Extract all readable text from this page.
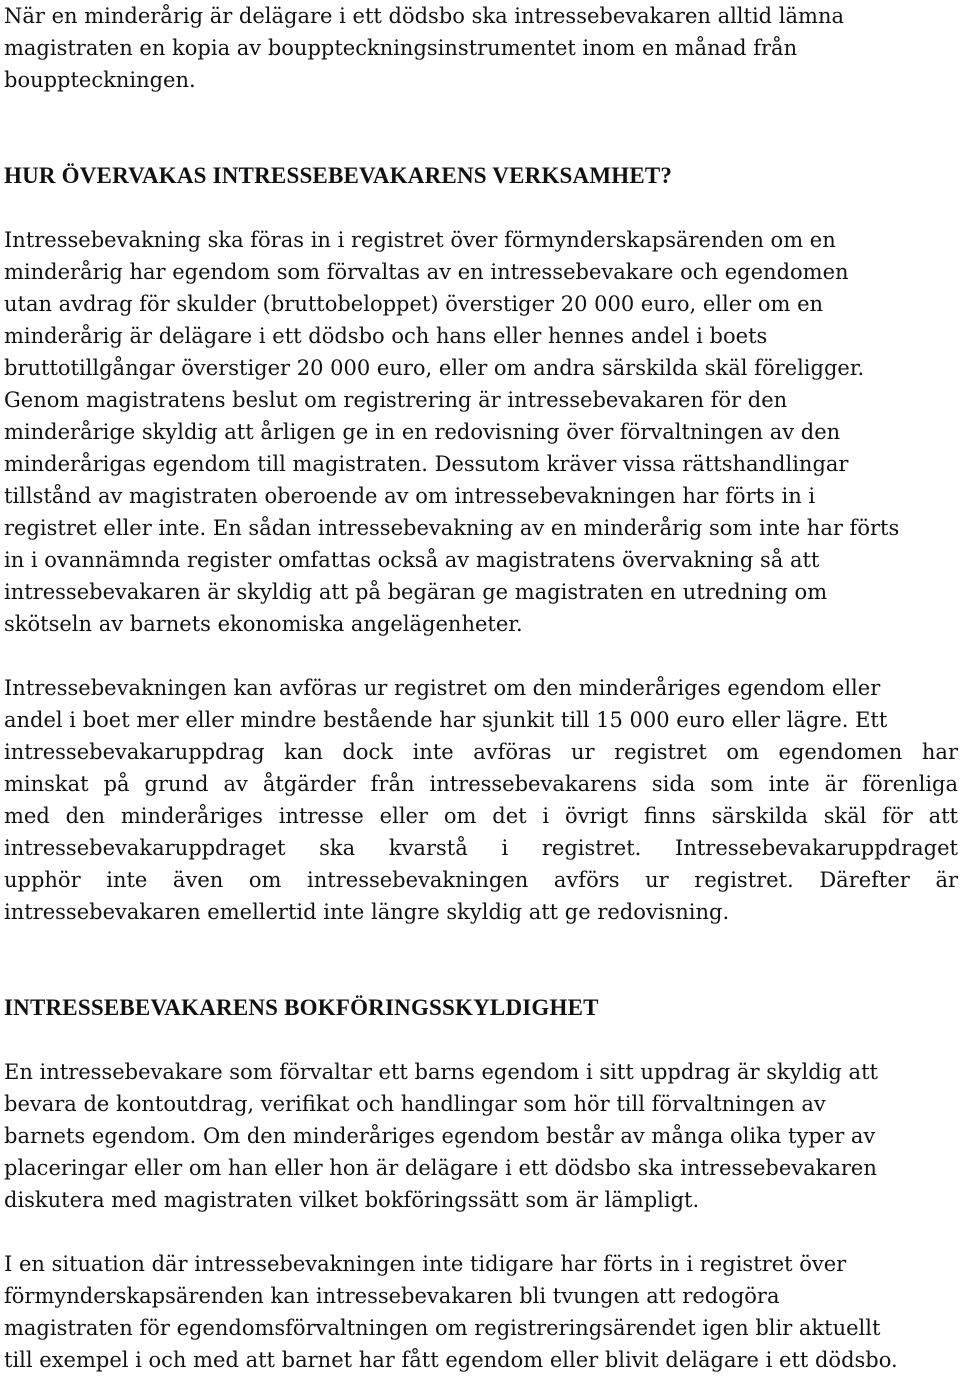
När en minderårig är delägare i ett dödsbo ska intressebevakaren alltid lämna
magistraten en kopia av bouppteckningsinstrumentet inom en månad från
bouppteckningen.

HUR ÖVERVAKAS INTRESSEBEVAKARENS VERKSAMHET?

Intressebevakning ska föras in i registret över förmynderskapsärenden om en
minderårig har egendom som förvaltas av en intressebevakare och egendomen
utan avdrag för skulder (bruttobeloppet) överstiger 20 000 euro, eller om en
minderårig är delägare i ett dödsbo och hans eller hennes andel i boets
bruttotillgångar överstiger 20 000 euro, eller om andra särskilda skäl föreligger.
Genom magistratens beslut om registrering är intressebevakaren för den
minderårige skyldig att årligen ge in en redovisning över förvaltningen av den
minderårigas egendom till magistraten. Dessutom kräver vissa rättshandlingar
tillstånd av magistraten oberoende av om intressebevakningen har förts in i
registret eller inte. En sådan intressebevakning av en minderårig som inte har förts
in i ovannämnda register omfattas också av magistratens övervakning så att
intressebevakaren är skyldig att på begäran ge magistraten en utredning om
skötseln av barnets ekonomiska angelägenheter.

Intressebevakningen kan avföras ur registret om den minderåriges egendom eller
andel i boet mer eller mindre bestående har sjunkit till 15 000 euro eller lägre. Ett
intressebevakaruppdrag kan dock inte avföras ur registret om egendomen har
minskat på grund av åtgärder från intressebevakarens sida som inte är förenliga
med den minderåriges intresse eller om det i övrigt finns särskilda skäl för att
intressebevakaruppdraget ska kvarstå i registret. Intressebevakaruppdraget
upphör inte även om intressebevakningen avförs ur registret. Därefter är
intressebevakaren emellertid inte längre skyldig att ge redovisning.

INTRESSEBEVAKARENS BOKFÖRINGSSKYLDIGHET

En intressebevakare som förvaltar ett barns egendom i sitt uppdrag är skyldig att
bevara de kontoutdrag, verifikat och handlingar som hör till förvaltningen av
barnets egendom. Om den minderåriges egendom består av många olika typer av
placeringar eller om han eller hon är delägare i ett dödsbo ska intressebevakaren
diskutera med magistraten vilket bokföringssätt som är lämpligt.

I en situation där intressebevakningen inte tidigare har förts in i registret över
förmynderskapsärenden kan intressebevakaren bli tvungen att redogöra
magistraten för egendomsförvaltningen om registreringsärendet igen blir aktuellt
till exempel i och med att barnet har fått egendom eller blivit delägare i ett dödsbo.
